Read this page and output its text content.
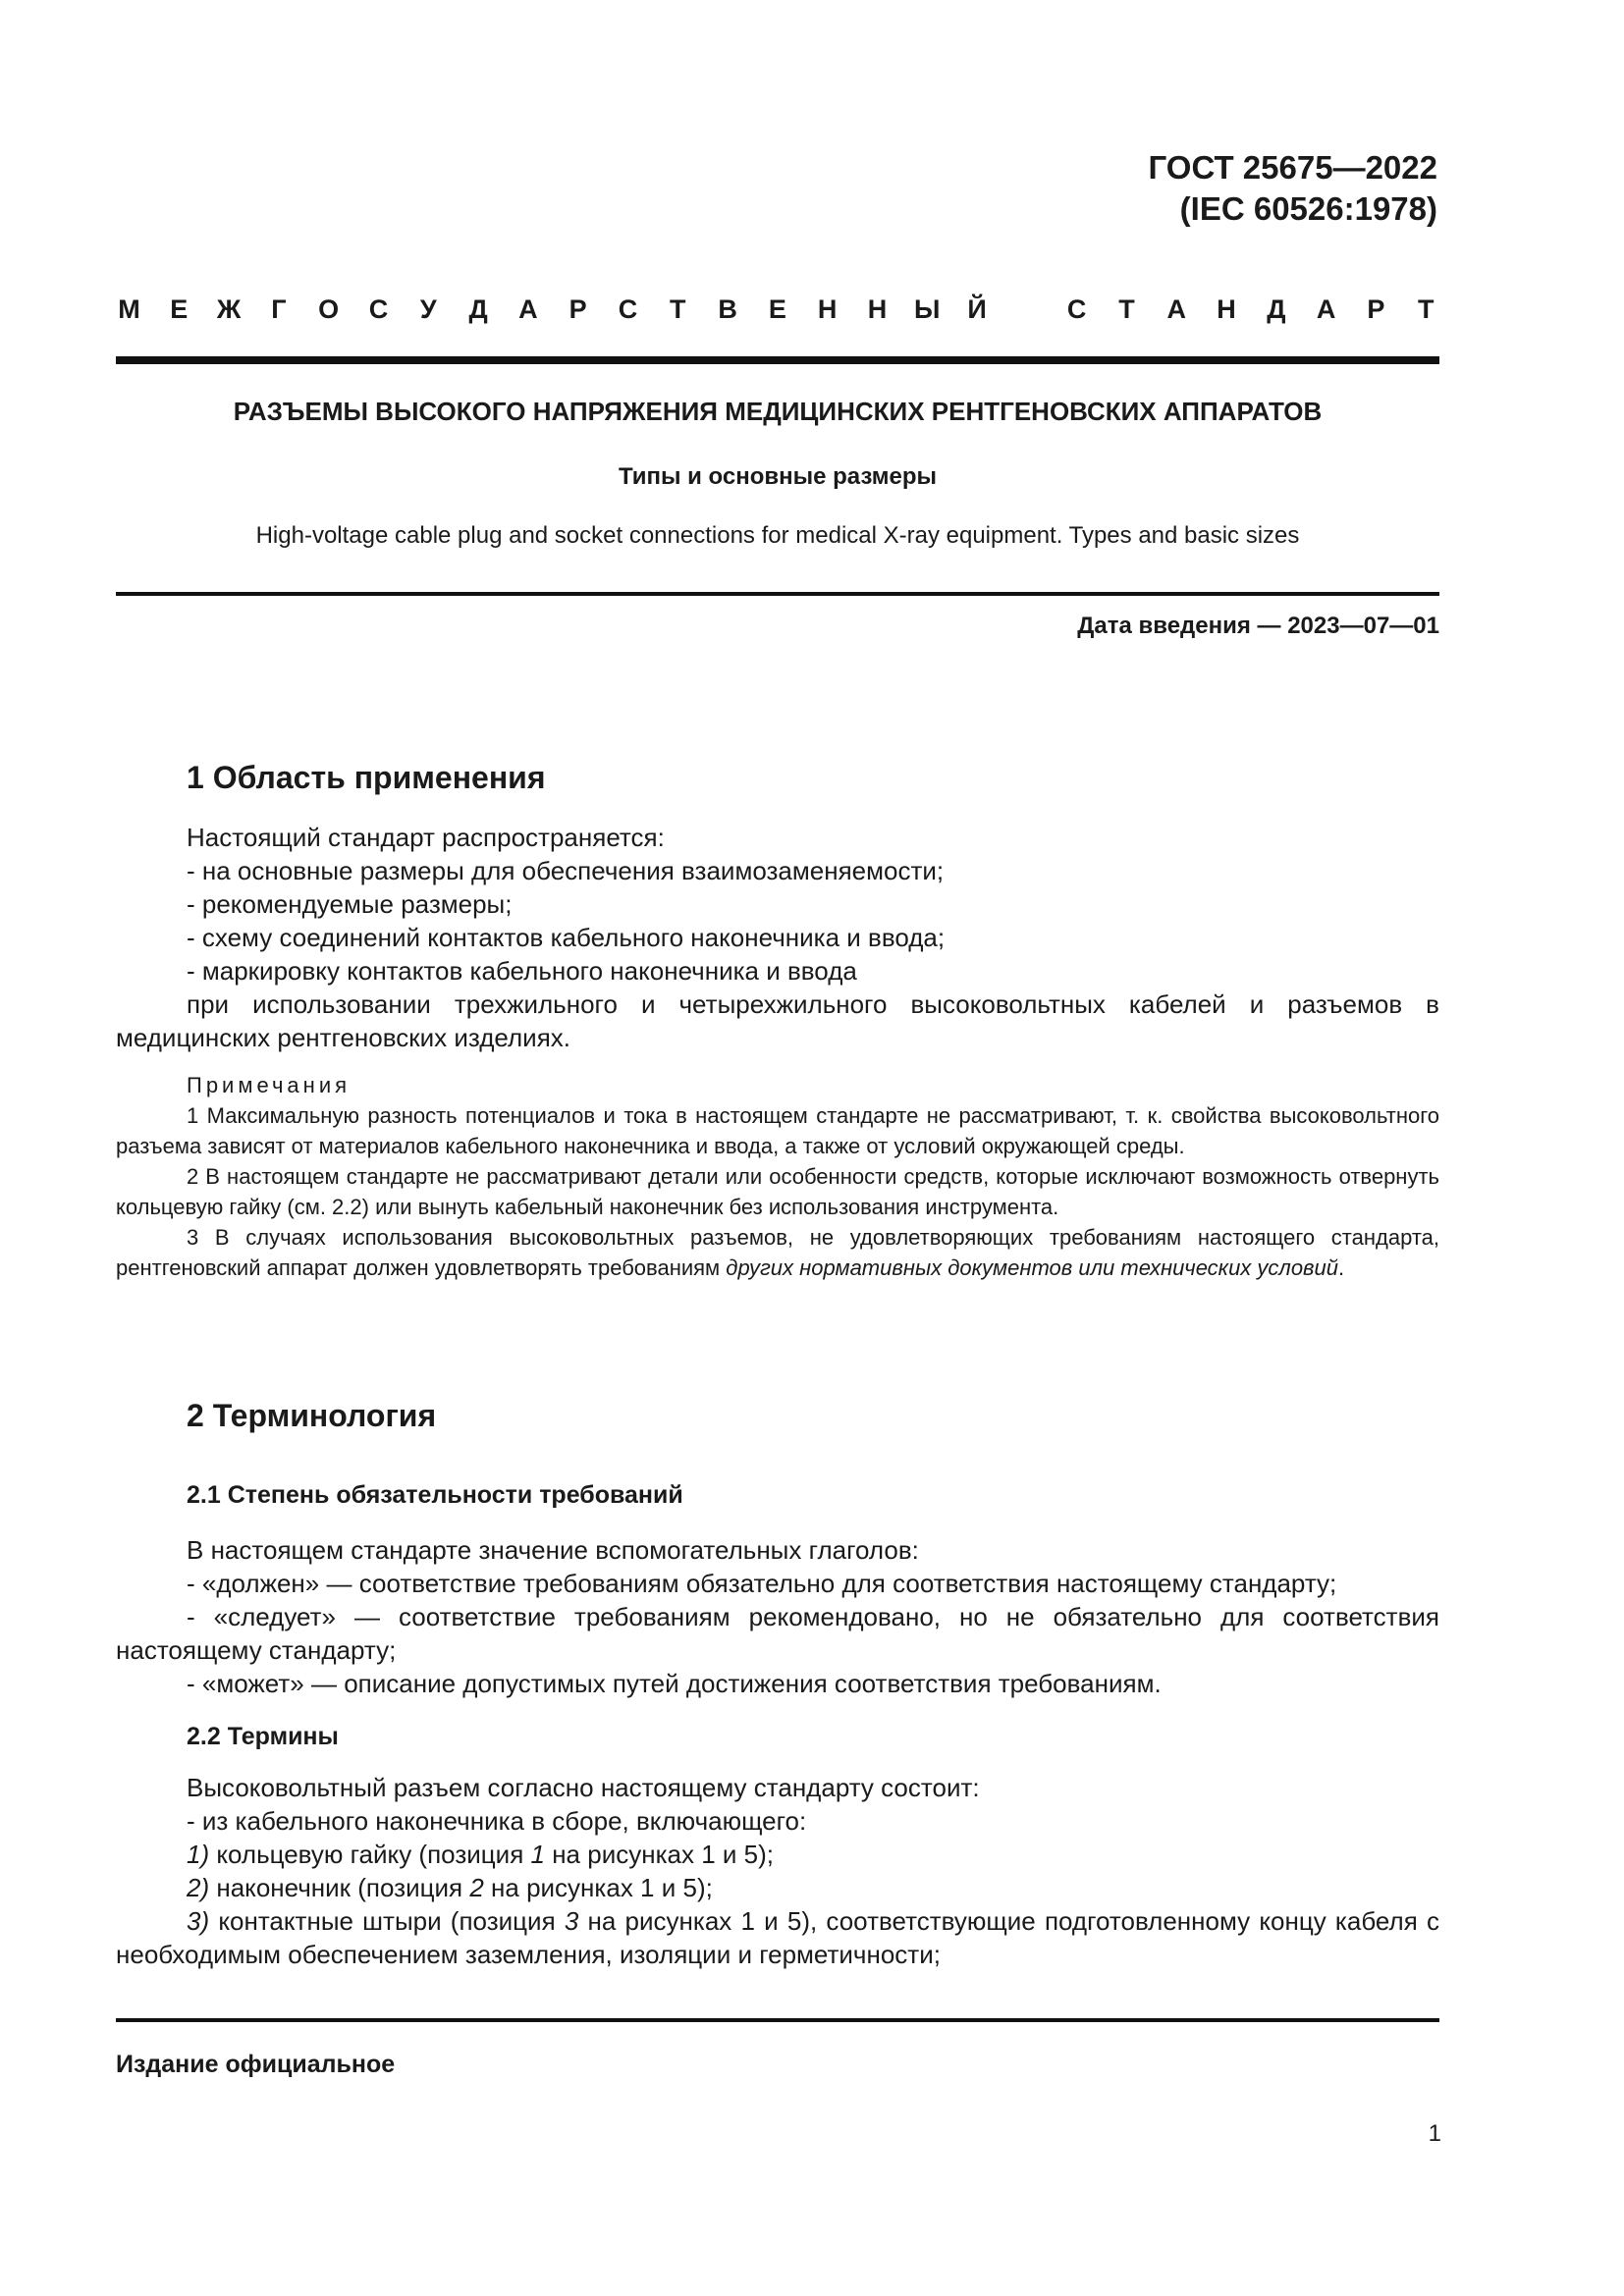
ГОСТ 25675—2022
(IEC 60526:1978)
М Е Ж Г О С У Д А Р С Т В Е Н Н Ы Й	С Т А Н Д А Р Т
РАЗЪЕМЫ ВЫСОКОГО НАПРЯЖЕНИЯ МЕДИЦИНСКИХ РЕНТГЕНОВСКИХ АППАРАТОВ
Типы и основные размеры
High-voltage cable plug and socket connections for medical X-ray equipment. Types and basic sizes
Дата введения — 2023—07—01
1 Область применения

Настоящий стандарт распространяется:

- на основные размеры для обеспечения взаимозаменяемости;

- рекомендуемые размеры;

- схему соединений контактов кабельного наконечника и ввода;

- маркировку контактов кабельного наконечника и ввода

при использовании трехжильного и четырехжильного высоковольтных кабелей и разъемов в медицинских рентгеновских изделиях.

Примечания

1 Максимальную разность потенциалов и тока в настоящем стандарте не рассматривают, т. к. свойства высоковольтного разъема зависят от материалов кабельного наконечника и ввода, а также от условий окружающей среды.

2 В настоящем стандарте не рассматривают детали или особенности средств, которые исключают возможность отвернуть кольцевую гайку (см. 2.2) или вынуть кабельный наконечник без использования инструмента.

3 В случаях использования высоковольтных разъемов, не удовлетворяющих требованиям настоящего стандарта, рентгеновский аппарат должен удовлетворять требованиям других нормативных документов или технических условий.

2 Терминология
2.1 Степень обязательности требований

В настоящем стандарте значение вспомогательных глаголов:

- «должен» — соответствие требованиям обязательно для соответствия настоящему стандарту;

- «следует» — соответствие требованиям рекомендовано, но не обязательно для соответствия настоящему стандарту;

- «может» — описание допустимых путей достижения соответствия требованиям.

2.2 Термины

Высоковольтный разъем согласно настоящему стандарту состоит:

- из кабельного наконечника в сборе, включающего:

1) кольцевую гайку (позиция 1 на рисунках 1 и 5);

2) наконечник (позиция 2 на рисунках 1 и 5);

3) контактные штыри (позиция 3 на рисунках 1 и 5), соответствующие подготовленному концу кабеля с необходимым обеспечением заземления, изоляции и герметичности;

Издание официальное
1
